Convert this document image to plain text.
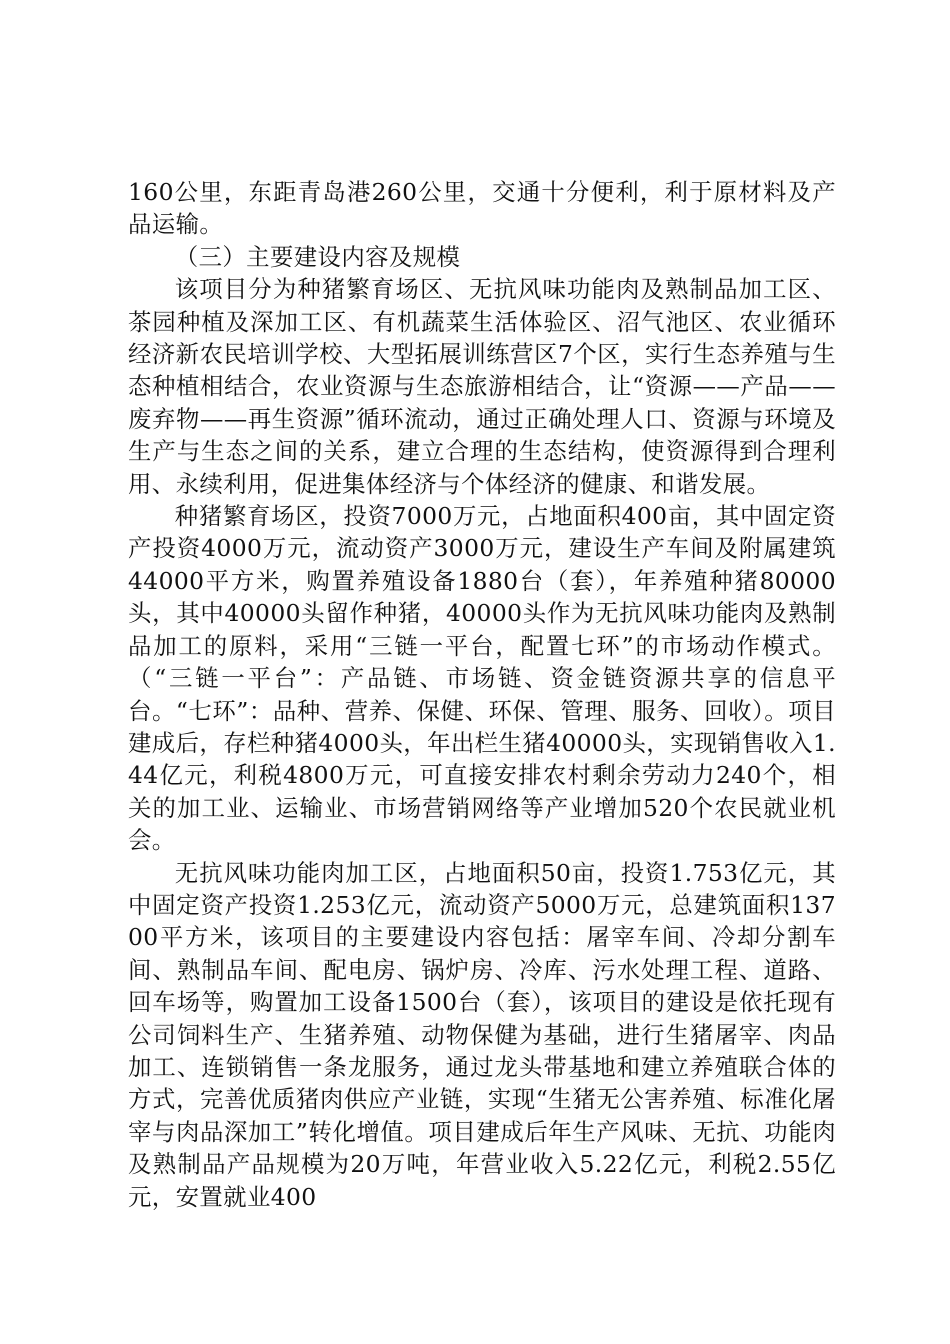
160公里，东距青岛港260公里，交通十分便利，利于原材料及产品运输。

（三）主要建设内容及规模

该项目分为种猪繁育场区、无抗风味功能肉及熟制品加工区、茶园种植及深加工区、有机蔬菜生活体验区、沼气池区、农业循环经济新农民培训学校、大型拓展训练营区7个区，实行生态养殖与生态种植相结合，农业资源与生态旅游相结合，让“资源——产品——废弃物——再生资源”循环流动，通过正确处理人口、资源与环境及生产与生态之间的关系，建立合理的生态结构，使资源得到合理利用、永续利用，促进集体经济与个体经济的健康、和谐发展。

种猪繁育场区，投资7000万元，占地面积400亩，其中固定资产投资4000万元，流动资产3000万元，建设生产车间及附属建筑44000平方米，购置养殖设备1880台（套），年养殖种猪80000头，其中40000头留作种猪，40000头作为无抗风味功能肉及熟制品加工的原料，采用“三链一平台，配置七环”的市场动作模式。（“三链一平台”：产品链、市场链、资金链资源共享的信息平台。“七环”：品种、营养、保健、环保、管理、服务、回收）。项目建成后，存栏种猪4000头，年出栏生猪40000头，实现销售收入1.44亿元，利税4800万元，可直接安排农村剩余劳动力240个，相关的加工业、运输业、市场营销网络等产业增加520个农民就业机会。

无抗风味功能肉加工区，占地面积50亩，投资1.753亿元，其中固定资产投资1.253亿元，流动资产5000万元，总建筑面积13700平方米，该项目的主要建设内容包括：屠宰车间、冷却分割车间、熟制品车间、配电房、锅炉房、冷库、污水处理工程、道路、回车场等，购置加工设备1500台（套），该项目的建设是依托现有公司饲料生产、生猪养殖、动物保健为基础，进行生猪屠宰、肉品加工、连锁销售一条龙服务，通过龙头带基地和建立养殖联合体的方式，完善优质猪肉供应产业链，实现“生猪无公害养殖、标准化屠宰与肉品深加工”转化增值。项目建成后年生产风味、无抗、功能肉及熟制品产品规模为20万吨，年营业收入5.22亿元，利税2.55亿元，安置就业400
